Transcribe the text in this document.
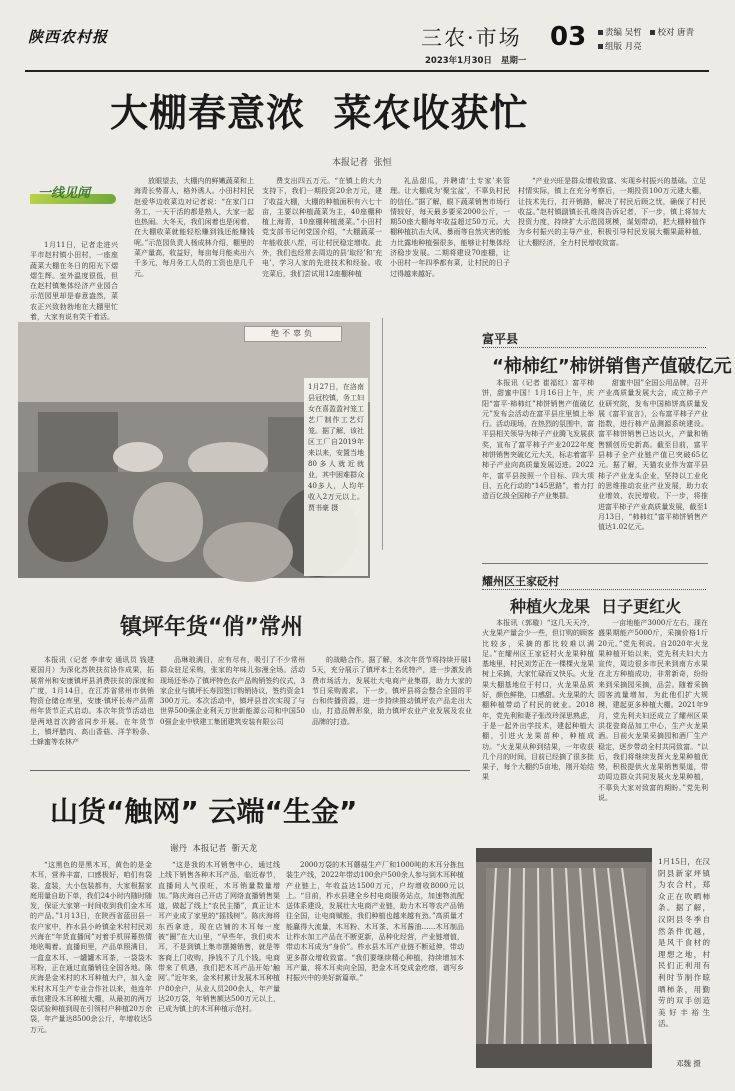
陕西农村报	三农·市场 03
2023年1月30日 星期一
责编 吴哲 校对 唐青
组版 月亮
大棚春意浓  菜农收获忙
本报记者  张恒
一线见闻

1月11日，记者走进兴平市赵村镇小田村，一座座蔬菜大棚在冬日的阳光下熠熠生辉。室外温度很低，但在赵村镇集体经济产业园合示范园里却是春意盎然，菜农正兴致勃勃地在大棚里忙着，大家有说有笑干着活。

放眼望去，大棚内的鲜嫩蔬菜和上海青长势喜人，格外诱人。小田村村民赵爱华边收菜边对记者说：“在家门口务工，一天干活的都是熟人，大家一起也热闹。大冬天，我们闲着也是闲着，在大棚收菜就能轻松赚到钱还能赚钱呢。”示范园负责人杨成林介绍，棚里的菜产量高，收益好，每亩每月能卖出六千多元，每月务工人员的工资也是几千元。

费支出四五万元。“在镇上的大力支持下，我们一期投资20余万元，建了收益大棚，大棚的种植面积有六七十亩，主要以种植蔬菜为主，40座棚种植上海青，10座棚种植菠菜。”小田村党支部书记何党国介绍，“大棚蔬菜一年能收获八茬，可让村民稳定增收。此外，我们也经常去周边的县‘取经’和‘充电’，学习人家的先进技术和经验。收完菜后，我们尝试用12座棚种植

礼品甜瓜，并聘请‘土专家’来管理。让大棚成为‘聚宝盆’，不辜负村民的信任。”据了解，眼下蔬菜销售市场行情较好，每天最多要采2000公斤，一期50座大棚每年收益超过50万元。大棚种植抗击大风、暴雨等自然灾害的能力比露地种植强很多，能够让村集体经济稳步发展。二期将建设70座棚，让小田村一年四季都有菜，让村民的日子过得越来越好。

“产业兴旺是群众增收致富、实现乡村振兴的基础。立足村情实际，镇上在充分考察后，一期投资100万元建大棚，让技术先行，打开销路，解决了村民后顾之忧，确保了村民收益。”赵村镇副镇长孔维岗告诉记者，下一步，镇上将加大投资力度，持续扩大示范园规模，谋划带动，把大棚种植作为乡村振兴的主导产业，积极引导村民发展大棚果蔬种植，让大棚经济，全力村民增收致富。

绝不辜负
1月27日，在洛南县冠校镇，务工妇女在喜盈盈衬笼工艺厂制作工艺灯笼。据了解，该社区工厂自2019年来以来，安置当地80多人就近就业，其中困难群众40多人，人均年收入2万元以上。 贾书豪 摄
富平县
“柿柿红”柿饼销售产值破亿元

本报讯（记者 崔福红）富平柿饼，甜蜜中国！1月16日上午，庆阳“富平·柿柿红”柿饼销售产值破亿元”发布会活动在富平县庄里镇上举行。活动现场，在热烈的氛围中，富平县相关领导为柿子产业腾飞发展获奖，宣布了富平柿子产业2022年度柿饼销售突破亿元大关，标志着富平柿子产业向高质量发展迈进。2022年，富平县按照一个目标、四大项目、五化行动的“145思路”，着力打造百亿级全国柿子产业集群。

甜蜜中国”全国公用品牌，召开产业高质量发展大会，成立柿子产业研究院，发布中国柿饼高质量发展《富平宣言》，公布富平柿子产业指数，进行柿产品测源系统建设。富平柿饼销售已达以火，产量和销售额创历史新高。截至目前，富平县柿子全产业链产值已突破65亿元。据了解，天猫农业作为富平县柿子产业龙头企业，坚持以工业化的思维推动农业产业发展，助力农业增效、农民增收。下一步，将推进富平柿子产业高质量发展，截至1月13日，“柿柿红”富平柿饼销售产值达1.02亿元。

耀州区王家砭村
种植火龙果  日子更红火

本报讯（郭璇）“这几天天冷，火龙果产量会少一些，但订购的顾客比较多，采摘的都比较难以满足。”在耀州区王家砭村火龙果种植基地里，村民刘芳正在一棵棵火龙果树上采摘，大家忙碌而又快乐。火龙果大棚基地位于村口，火龙果品质好，颜色鲜艳，口感甜。火龙果的大棚种植带动了村民的就业。2018年，党先利和妻子张改玲深思熟虑，于是一起外出学技术，建起种植大棚，引进火龙果苗种，种植成功。“火龙果从种到结果，一年收获几个月的时间，目前已经摘了很多批果子，每个大棚约5亩地，刚开始结果

一亩地能产3000斤左右，现在盛果期能产5000斤，采摘价格1斤20元。”党先利说。自2020年火龙果种植开始以来，党先利夫妇大力宣传，周边很多市民来到南方水果在北方种植成功，非常新奇，纷纷来到采摘园采摘，品尝。随着采摘园客流量增加，为此他们扩大规模，建起更多种植大棚。2021年9月，党先利夫妇还成立了耀州区果洪花瓷商品加工中心，生产火龙果酒。目前火龙果采摘园和酒厂生产稳定，逐步带动全村共同致富。“以后，我们将继续发挥火龙果种植优势，积极提供火龙果销售渠道，带动周边群众共同发展火龙果种植，不辜负大家对致富的期盼。”党先利说。

镇坪年货“俏”常州

本报讯（记者 李聿安 通讯员 钱建 夏国月）为深化苏陕扶贫协作成果，拓展常州和安康镇坪县消费扶贫的深度和广度，1月14日，在江苏省常州市供销物资仓储仓库里，安康·镇坪长寿产品常州年货节正式启动。本次年货节活动也是两地首次跨省同步开展。在年货节上，镇坪腊肉、高山香菇、洋芋粉条、土蜂蜜等农林产

品琳琅满目，应有尽有，吸引了不少常州群众驻足采购，张家的年味儿弥漫全场。活动现场还举办了镇坪特色农产品购销签约仪式，3家企业与镇坪长寿园签订购销协议，签约资金1300万元。本次活动中，镇坪县首次实现了与世界500强企业利天万世新能源公司和中国500强企业中铁建工集团建筑安装有限公司

的战略合作。据了解，本次年货节将持续开展15天，充分展示了镇坪本土名优特产，进一步激发消费市场活力，发展壮大电商产业集群，助力大家的节日采购需求。下一步，镇坪县将会整合全国的平台和传播资源，进一步持续推动镇坪农产品走出大山，打造品牌形象，助力镇坪农业产业发展及农业品牌的打造。

山货“触网” 云端“生金”
谢丹  本报记者  靳天龙

“这黑色的是黑木耳，黄色的是金木耳，营养丰富，口感极好，咱们有袋装、盒装，大小包装都有，大家根据家庭用量自助下单，我们24小时内随时随发，保证大家第一时间收到我们金木耳的产品。”1月13日，在陕西省蓝田县一农户家中，柞水县小岭镇金米村村民刘兴海在“年货直播间”对着手机屏幕热情地吆喝着。直播间里，产品单照满目，一盒盒木耳、一罐罐木耳茶，一袋袋木耳粉，正在通过直播销往全国各地。陈庆海是金米村的木耳种植大户，加入金米村木耳生产专业合作社以来，他连年承包建设木耳种植大棚，从最初的两万袋试验种植到现在引领村户种植20万余袋，年产量达8500余公斤，年增收达5万元。

“这是我的木耳销售中心，通过线上线下销售各种木耳产品，临近春节，直播间人气很旺，木耳销量数量增加。”陈庆海自己开店了网络直播销售渠道，做起了线上“农民主播”，真正让木耳产业成了家里的“摇钱树”。陈庆海将东西拿进，现在店铺的木耳每一度被“圈”在大山里，“早些年，我们卖木耳，不是到镇上集市摆摊销售，就是等客商上门收购，挣钱不了几个钱。电商带来了机遇，我们把木耳产品开始‘触网’。”近年来，金米村累计发展木耳种植户80余户，从业人员200余人，年产量达20万袋，年销售额达500万元以上，已成为镇上的木耳种植示范村。

2000万袋的木耳蘑菇生产厂和1000吨的木耳分拣包装生产线，2022年带动100余户500余人参与到木耳种植产业链上，年收益达1500万元，户均增收8000元以上。“目前，柞水县建全乡村电商服务站点，加速物流配送体系建设，发展壮大电商产业链，助力木耳等农产品销往全国，让电商赋能，我们种植也越来越有劲。”高质量才能赢得大流量，木耳粉、木耳茶、木耳酱油……木耳制品让柞水加工产品在不断更新，品种化经营，产业链增值，带动木耳成为“身价”。柞水县木耳产业链不断延伸，带动更多群众增收致富。“我们要继续精心种植，持续增加木耳产量，将木耳卖向全国，把金木耳变成金疙瘩，谱写乡村振兴中的美好新篇章。”

1月15日，在汉阴县新家坪镇为农合村，郑众正在吹晒柿条。据了解，汉阴县冬季自然条件优越，是风干食材的理想之地，村民们正利用有利时节制作晾晒柿条，用勤劳的双手创造美好丰裕生活。
邓魏 摄
